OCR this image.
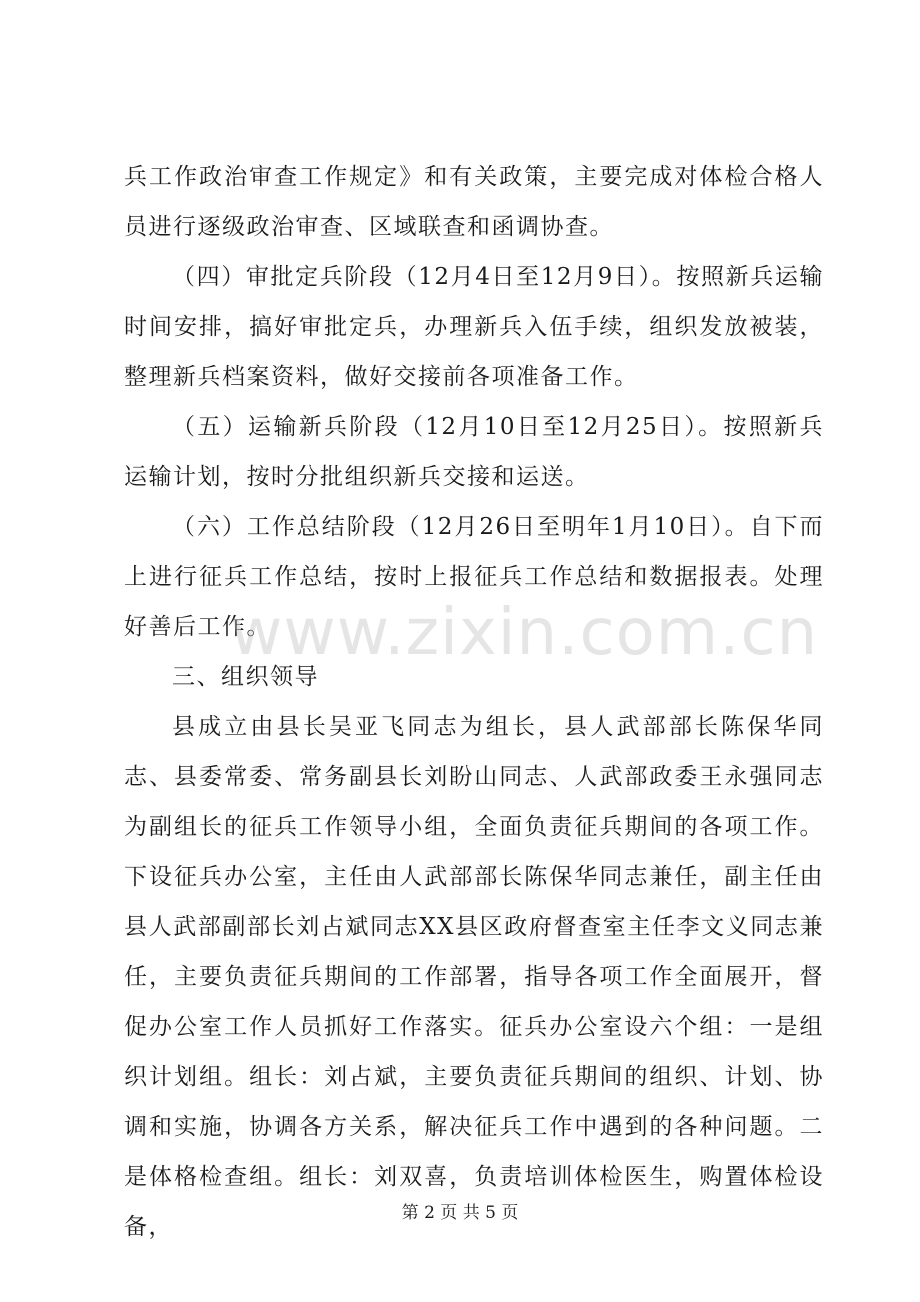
兵工作政治审查工作规定》和有关政策，主要完成对体检合格人员进行逐级政治审查、区域联查和函调协查。

（四）审批定兵阶段（12月4日至12月9日）。按照新兵运输时间安排，搞好审批定兵，办理新兵入伍手续，组织发放被装，整理新兵档案资料，做好交接前各项准备工作。

（五）运输新兵阶段（12月10日至12月25日）。按照新兵运输计划，按时分批组织新兵交接和运送。

（六）工作总结阶段（12月26日至明年1月10日）。自下而上进行征兵工作总结，按时上报征兵工作总结和数据报表。处理好善后工作。

三、组织领导

县成立由县长吴亚飞同志为组长，县人武部部长陈保华同志、县委常委、常务副县长刘盼山同志、人武部政委王永强同志为副组长的征兵工作领导小组，全面负责征兵期间的各项工作。下设征兵办公室，主任由人武部部长陈保华同志兼任，副主任由县人武部副部长刘占斌同志XX县区政府督查室主任李文义同志兼任，主要负责征兵期间的工作部署，指导各项工作全面展开，督促办公室工作人员抓好工作落实。征兵办公室设六个组：一是组织计划组。组长：刘占斌，主要负责征兵期间的组织、计划、协调和实施，协调各方关系，解决征兵工作中遇到的各种问题。二是体格检查组。组长：刘双喜，负责培训体检医生，购置体检设备，

www.zixin.com.cn
第 2 页 共 5 页
